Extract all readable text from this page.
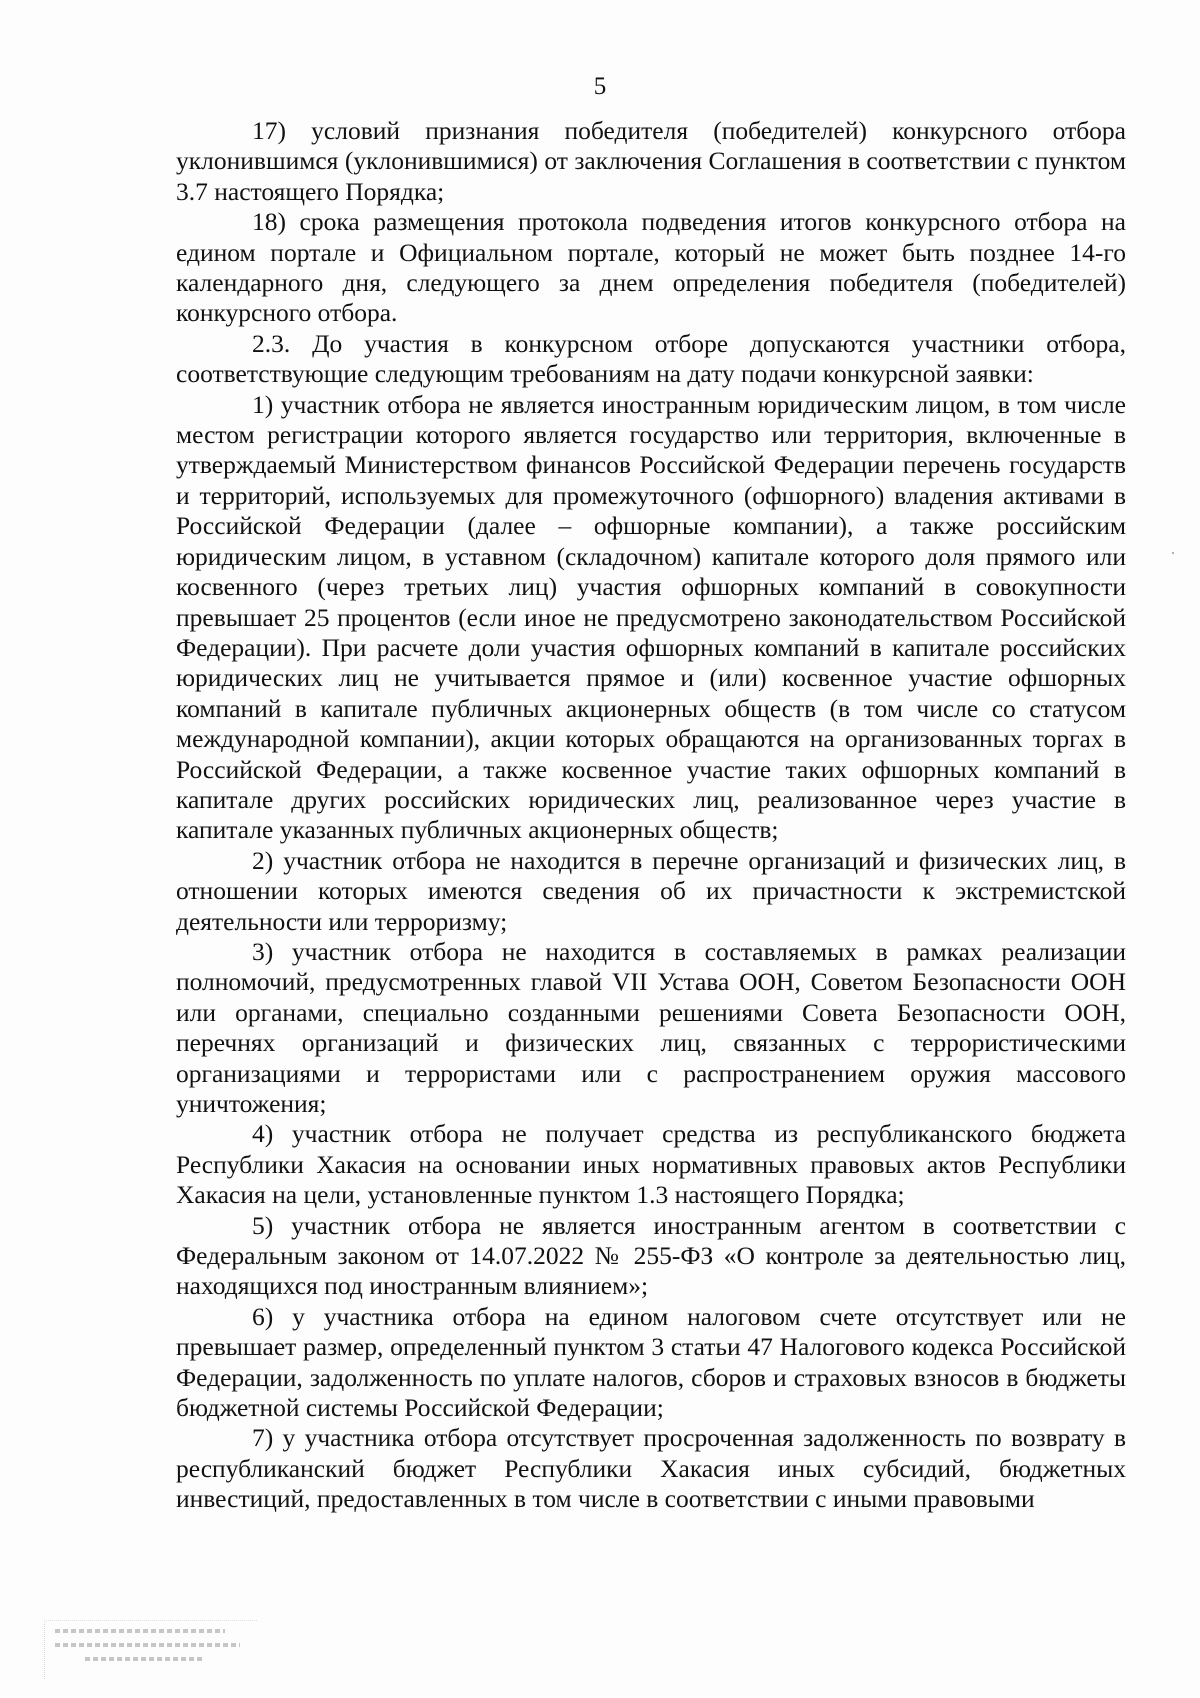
5

17) условий признания победителя (победителей) конкурсного отбора уклонившимся (уклонившимися) от заключения Соглашения в соответствии с пунктом 3.7 настоящего Порядка;

18) срока размещения протокола подведения итогов конкурсного отбора на едином портале и Официальном портале, который не может быть позднее 14-го календарного дня, следующего за днем определения победителя (победителей) конкурсного отбора.

2.3. До участия в конкурсном отборе допускаются участники отбора, соответствующие следующим требованиям на дату подачи конкурсной заявки:

1) участник отбора не является иностранным юридическим лицом, в том числе местом регистрации которого является государство или территория, включенные в утверждаемый Министерством финансов Российской Федерации перечень государств и территорий, используемых для промежуточного (офшорного) владения активами в Российской Федерации (далее – офшорные компании), а также российским юридическим лицом, в уставном (складочном) капитале которого доля прямого или косвенного (через третьих лиц) участия офшорных компаний в совокупности превышает 25 процентов (если иное не предусмотрено законодательством Российской Федерации). При расчете доли участия офшорных компаний в капитале российских юридических лиц не учитывается прямое и (или) косвенное участие офшорных компаний в капитале публичных акционерных обществ (в том числе со статусом международной компании), акции которых обращаются на организованных торгах в Российской Федерации, а также косвенное участие таких офшорных компаний в капитале других российских юридических лиц, реализованное через участие в капитале указанных публичных акционерных обществ;

2) участник отбора не находится в перечне организаций и физических лиц, в отношении которых имеются сведения об их причастности к экстремистской деятельности или терроризму;

3) участник отбора не находится в составляемых в рамках реализации полномочий, предусмотренных главой VII Устава ООН, Советом Безопасности ООН или органами, специально созданными решениями Совета Безопасности ООН, перечнях организаций и физических лиц, связанных с террористическими организациями и террористами или с распространением оружия массового уничтожения;

4) участник отбора не получает средства из республиканского бюджета Республики Хакасия на основании иных нормативных правовых актов Республики Хакасия на цели, установленные пунктом 1.3 настоящего Порядка;

5) участник отбора не является иностранным агентом в соответствии с Федеральным законом от 14.07.2022 № 255-ФЗ «О контроле за деятельностью лиц, находящихся под иностранным влиянием»;

6) у участника отбора на едином налоговом счете отсутствует или не превышает размер, определенный пунктом 3 статьи 47 Налогового кодекса Российской Федерации, задолженность по уплате налогов, сборов и страховых взносов в бюджеты бюджетной системы Российской Федерации;

7) у участника отбора отсутствует просроченная задолженность по возврату в республиканский бюджет Республики Хакасия иных субсидий, бюджетных инвестиций, предоставленных в том числе в соответствии с иными правовыми
